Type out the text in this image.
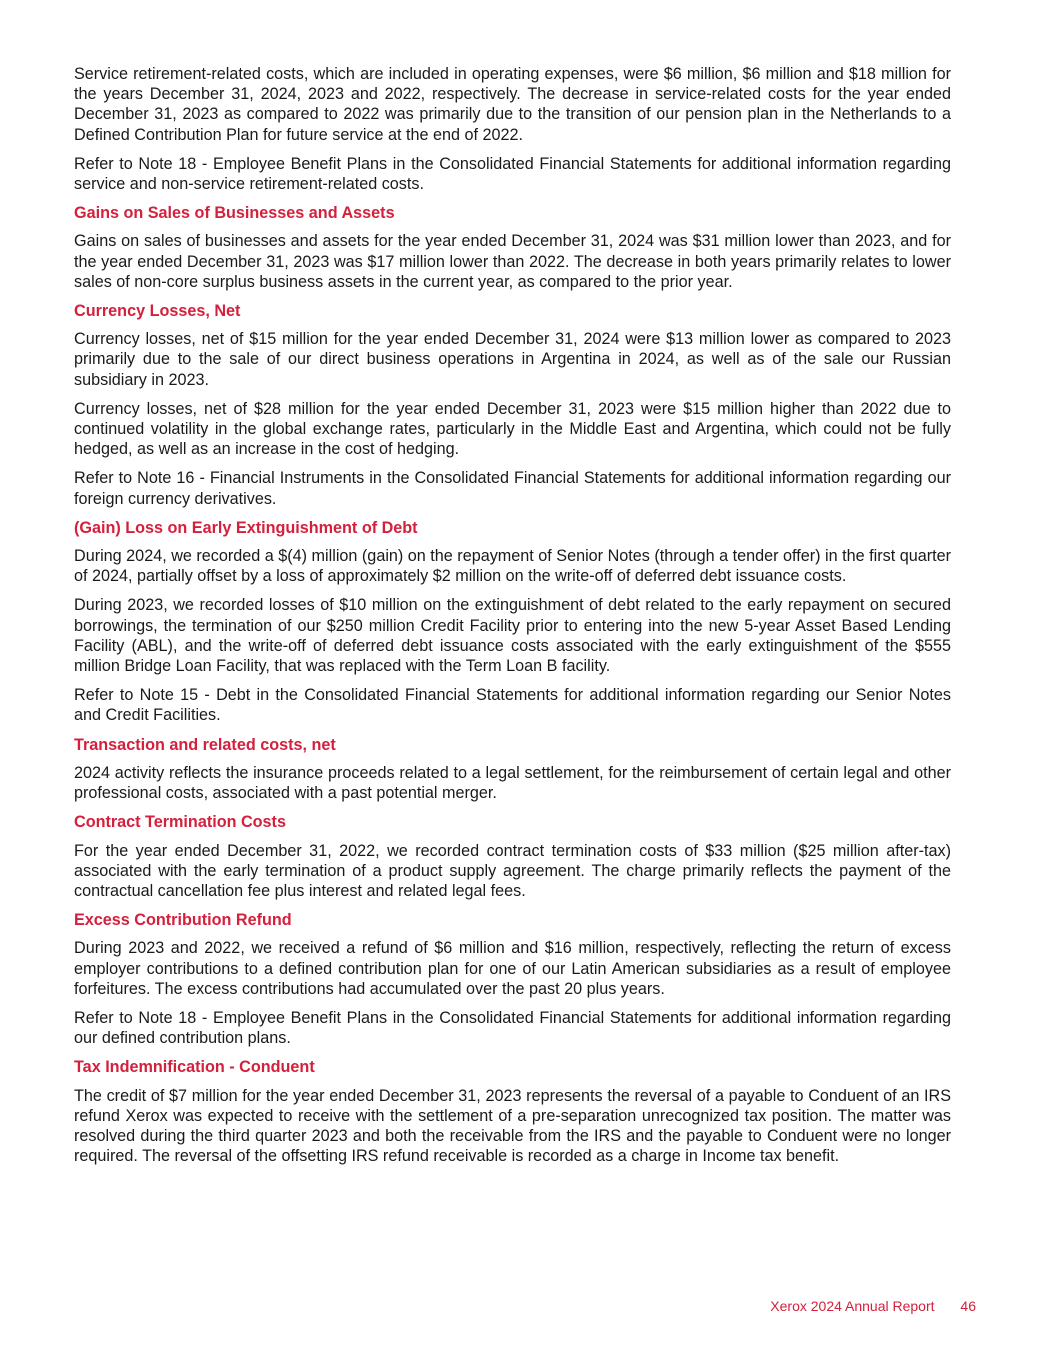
Service retirement-related costs, which are included in operating expenses, were $6 million, $6 million and $18 million for the years December 31, 2024, 2023 and 2022, respectively. The decrease in service-related costs for the year ended December 31, 2023 as compared to 2022 was primarily due to the transition of our pension plan in the Netherlands to a Defined Contribution Plan for future service at the end of 2022.

Refer to Note 18 - Employee Benefit Plans in the Consolidated Financial Statements for additional information regarding service and non-service retirement-related costs.

Gains on Sales of Businesses and Assets

Gains on sales of businesses and assets for the year ended December 31, 2024 was $31 million lower than 2023, and for the year ended December 31, 2023 was $17 million lower than 2022. The decrease in both years primarily relates to lower sales of non-core surplus business assets in the current year, as compared to the prior year.

Currency Losses, Net

Currency losses, net of $15 million for the year ended December 31, 2024 were $13 million lower as compared to 2023 primarily due to the sale of our direct business operations in Argentina in 2024, as well as of the sale our Russian subsidiary in 2023.

Currency losses, net of $28 million for the year ended December 31, 2023 were $15 million higher than 2022 due to continued volatility in the global exchange rates, particularly in the Middle East and Argentina, which could not be fully hedged, as well as an increase in the cost of hedging.

Refer to Note 16 - Financial Instruments in the Consolidated Financial Statements for additional information regarding our foreign currency derivatives.

(Gain) Loss on Early Extinguishment of Debt

During 2024, we recorded a $(4) million (gain) on the repayment of Senior Notes (through a tender offer) in the first quarter of 2024, partially offset by a loss of approximately $2 million on the write-off of deferred debt issuance costs.

During 2023, we recorded losses of $10 million on the extinguishment of debt related to the early repayment on secured borrowings, the termination of our $250 million Credit Facility prior to entering into the new 5-year Asset Based Lending Facility (ABL), and the write-off of deferred debt issuance costs associated with the early extinguishment of the $555 million Bridge Loan Facility, that was replaced with the Term Loan B facility.

Refer to Note 15 - Debt in the Consolidated Financial Statements for additional information regarding our Senior Notes and Credit Facilities.

Transaction and related costs, net

2024 activity reflects the insurance proceeds related to a legal settlement, for the reimbursement of certain legal and other professional costs, associated with a past potential merger.

Contract Termination Costs

For the year ended December 31, 2022, we recorded contract termination costs of $33 million ($25 million after-tax) associated with the early termination of a product supply agreement. The charge primarily reflects the payment of the contractual cancellation fee plus interest and related legal fees.

Excess Contribution Refund

During 2023 and 2022, we received a refund of $6 million and $16 million, respectively, reflecting the return of excess employer contributions to a defined contribution plan for one of our Latin American subsidiaries as a result of employee forfeitures. The excess contributions had accumulated over the past 20 plus years.

Refer to Note 18 - Employee Benefit Plans in the Consolidated Financial Statements for additional information regarding our defined contribution plans.

Tax Indemnification - Conduent

The credit of $7 million for the year ended December 31, 2023 represents the reversal of a payable to Conduent of an IRS refund Xerox was expected to receive with the settlement of a pre-separation unrecognized tax position. The matter was resolved during the third quarter 2023 and both the receivable from the IRS and the payable to Conduent were no longer required. The reversal of the offsetting IRS refund receivable is recorded as a charge in Income tax benefit.

Xerox 2024 Annual Report 46
